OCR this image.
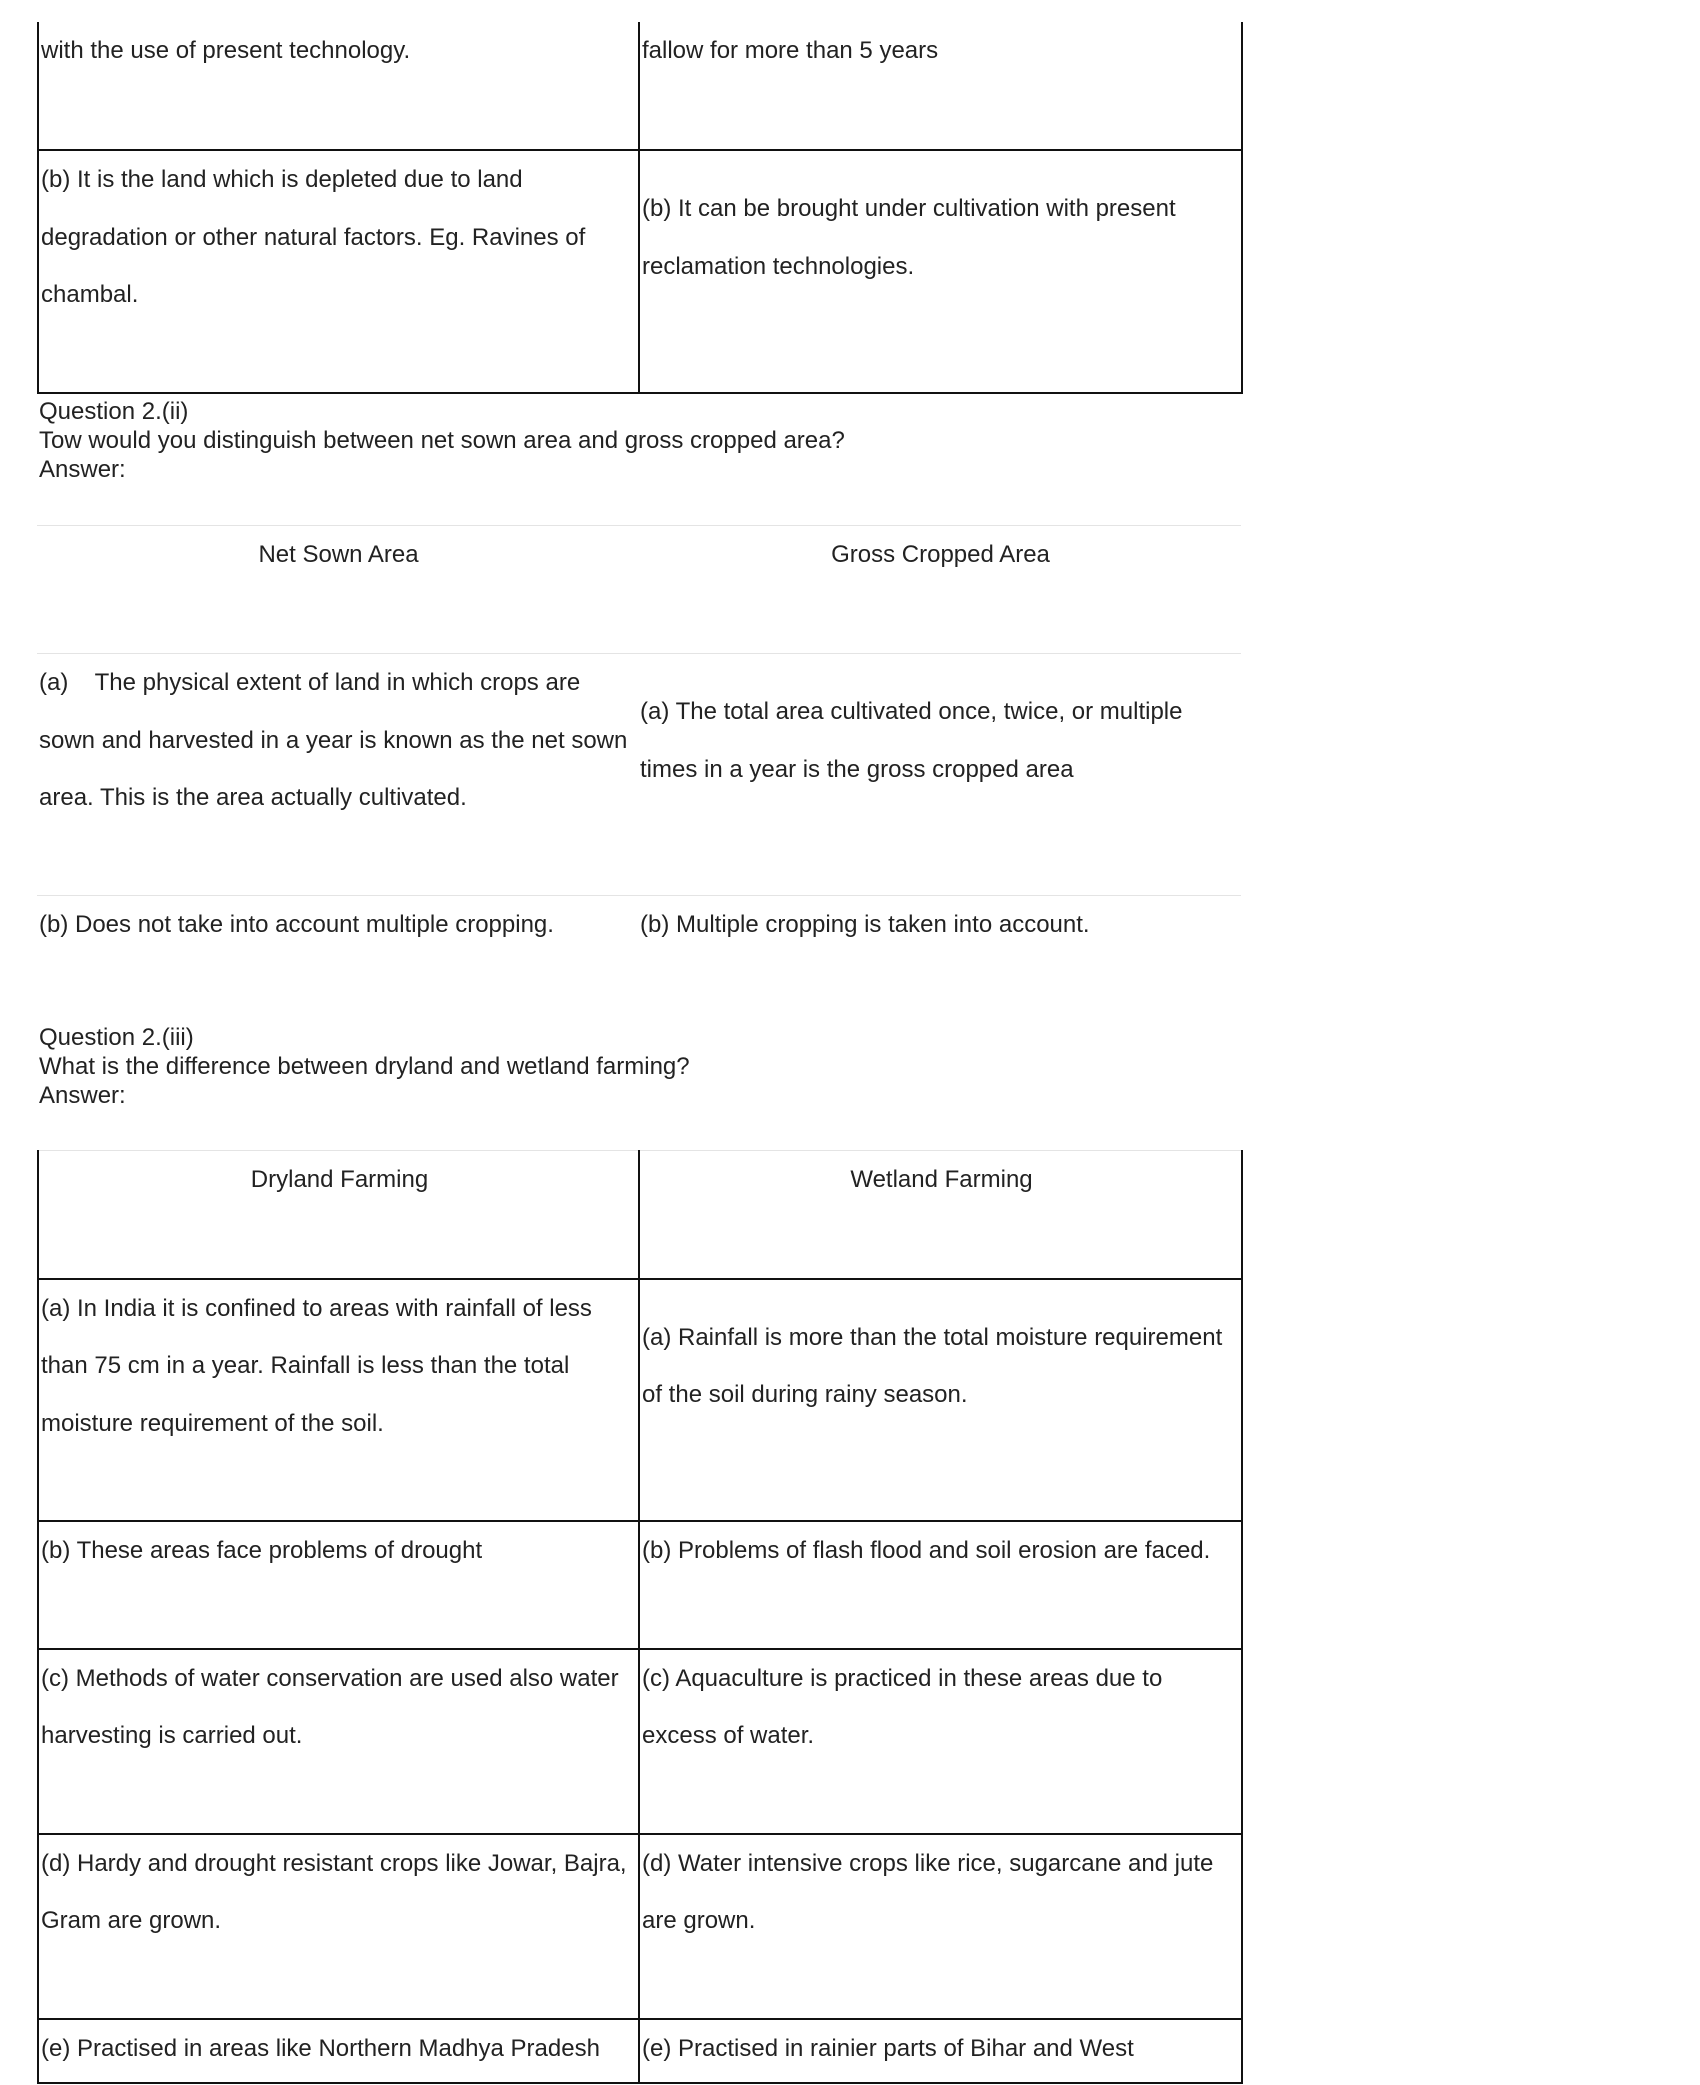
with the use of present technology.	fallow for more than 5 years
(b) It is the land which is depleted due to land degradation or other natural factors. Eg. Ravines of chambal.	(b) It can be brought under cultivation with present reclamation technologies.
Question 2.(ii)
Tow would you distinguish between net sown area and gross cropped area?
Answer:
Net Sown Area	Gross Cropped Area
(a)    The physical extent of land in which crops are sown and harvested in a year is known as the net sown area. This is the area actually cultivated.	(a) The total area cultivated once, twice, or multiple times in a year is the gross cropped area
(b) Does not take into account multiple cropping.	(b) Multiple cropping is taken into account.
Question 2.(iii)
What is the difference between dryland and wetland farming?
Answer:
Dryland Farming	Wetland Farming
(a) In India it is confined to areas with rainfall of less than 75 cm in a year. Rainfall is less than the total moisture requirement of the soil.	(a) Rainfall is more than the total moisture requirement of the soil during rainy season.
(b) These areas face problems of drought	(b) Problems of flash flood and soil erosion are faced.
(c) Methods of water conservation are used also water harvesting is carried out.	(c) Aquaculture is practiced in these areas due to excess of water.
(d) Hardy and drought resistant crops like Jowar, Bajra, Gram are grown.	(d) Water intensive crops like rice, sugarcane and jute are grown.
(e) Practised in areas like Northern Madhya Pradesh	(e) Practised in rainier parts of Bihar and West
